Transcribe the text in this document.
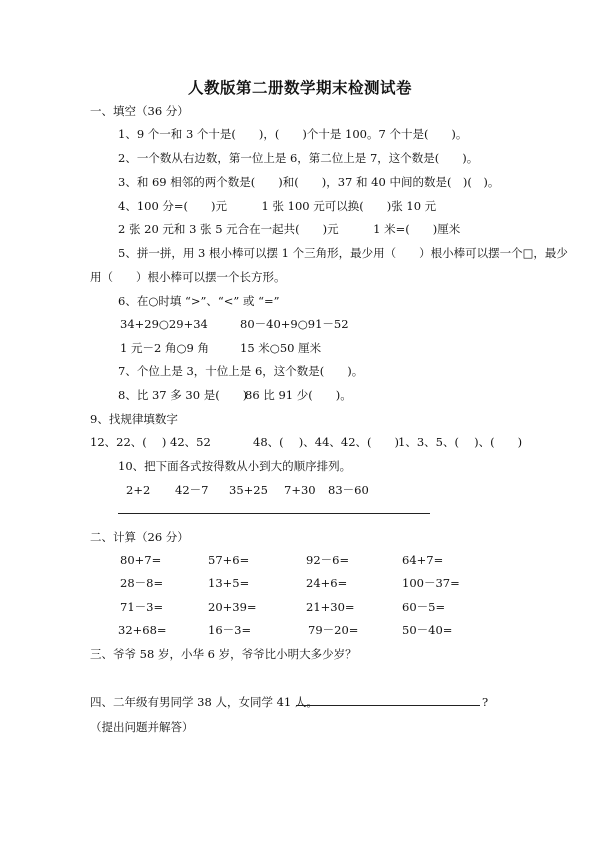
人教版第二册数学期末检测试卷
一、填空（36 分）
1、9 个一和 3 个十是(　　)，(　　)个十是 100。7 个十是(　　)。
2、一个数从右边数，第一位上是 6，第二位上是 7，这个数是(　　)。
3、和 69 相邻的两个数是(　　)和(　　)，37 和 40 中间的数是(　)(　)。
4、100 分=(　　)元　　　1 张 100 元可以换(　　)张 10 元
2 张 20 元和 3 张 5 元合在一起共(　　)元　　　1 米=(　　)厘米
5、拼一拼，用 3 根小棒可以摆 1 个三角形，最少用（　　）根小棒可以摆一个□，最少
用（　　）根小棒可以摆一个长方形。
6、在○时填 “>”、“<” 或 “=”
34+29○29+34	80－40+9○91－52
1 元－2 角○9 角	15 米○50 厘米
7、个位上是 3，十位上是 6，这个数是(　　)。
8、比 37 多 30 是(　　)
86 比 91 少(　　)。
9、找规律填数字
12、22、(　 ) 42、52	48、(　 )、44、42、(　　)
1、3、5、(　 )、(　　)
10、把下面各式按得数从小到大的顺序排列。
2+2 42－7 35+25 7+30 83－60
二、计算（26 分）
80+7=	57+6=	92－6=	64+7=
28－8=	13+5=	24+6=	100－37=
71－3=	20+39=	21+30=	60－5=
32+68=	16－3=	79－20=	50－40=
三、爷爷 58 岁，小华 6 岁，爷爷比小明大多少岁？
四、二年级有男同学 38 人，女同学 41 人。	?
（提出问题并解答）
